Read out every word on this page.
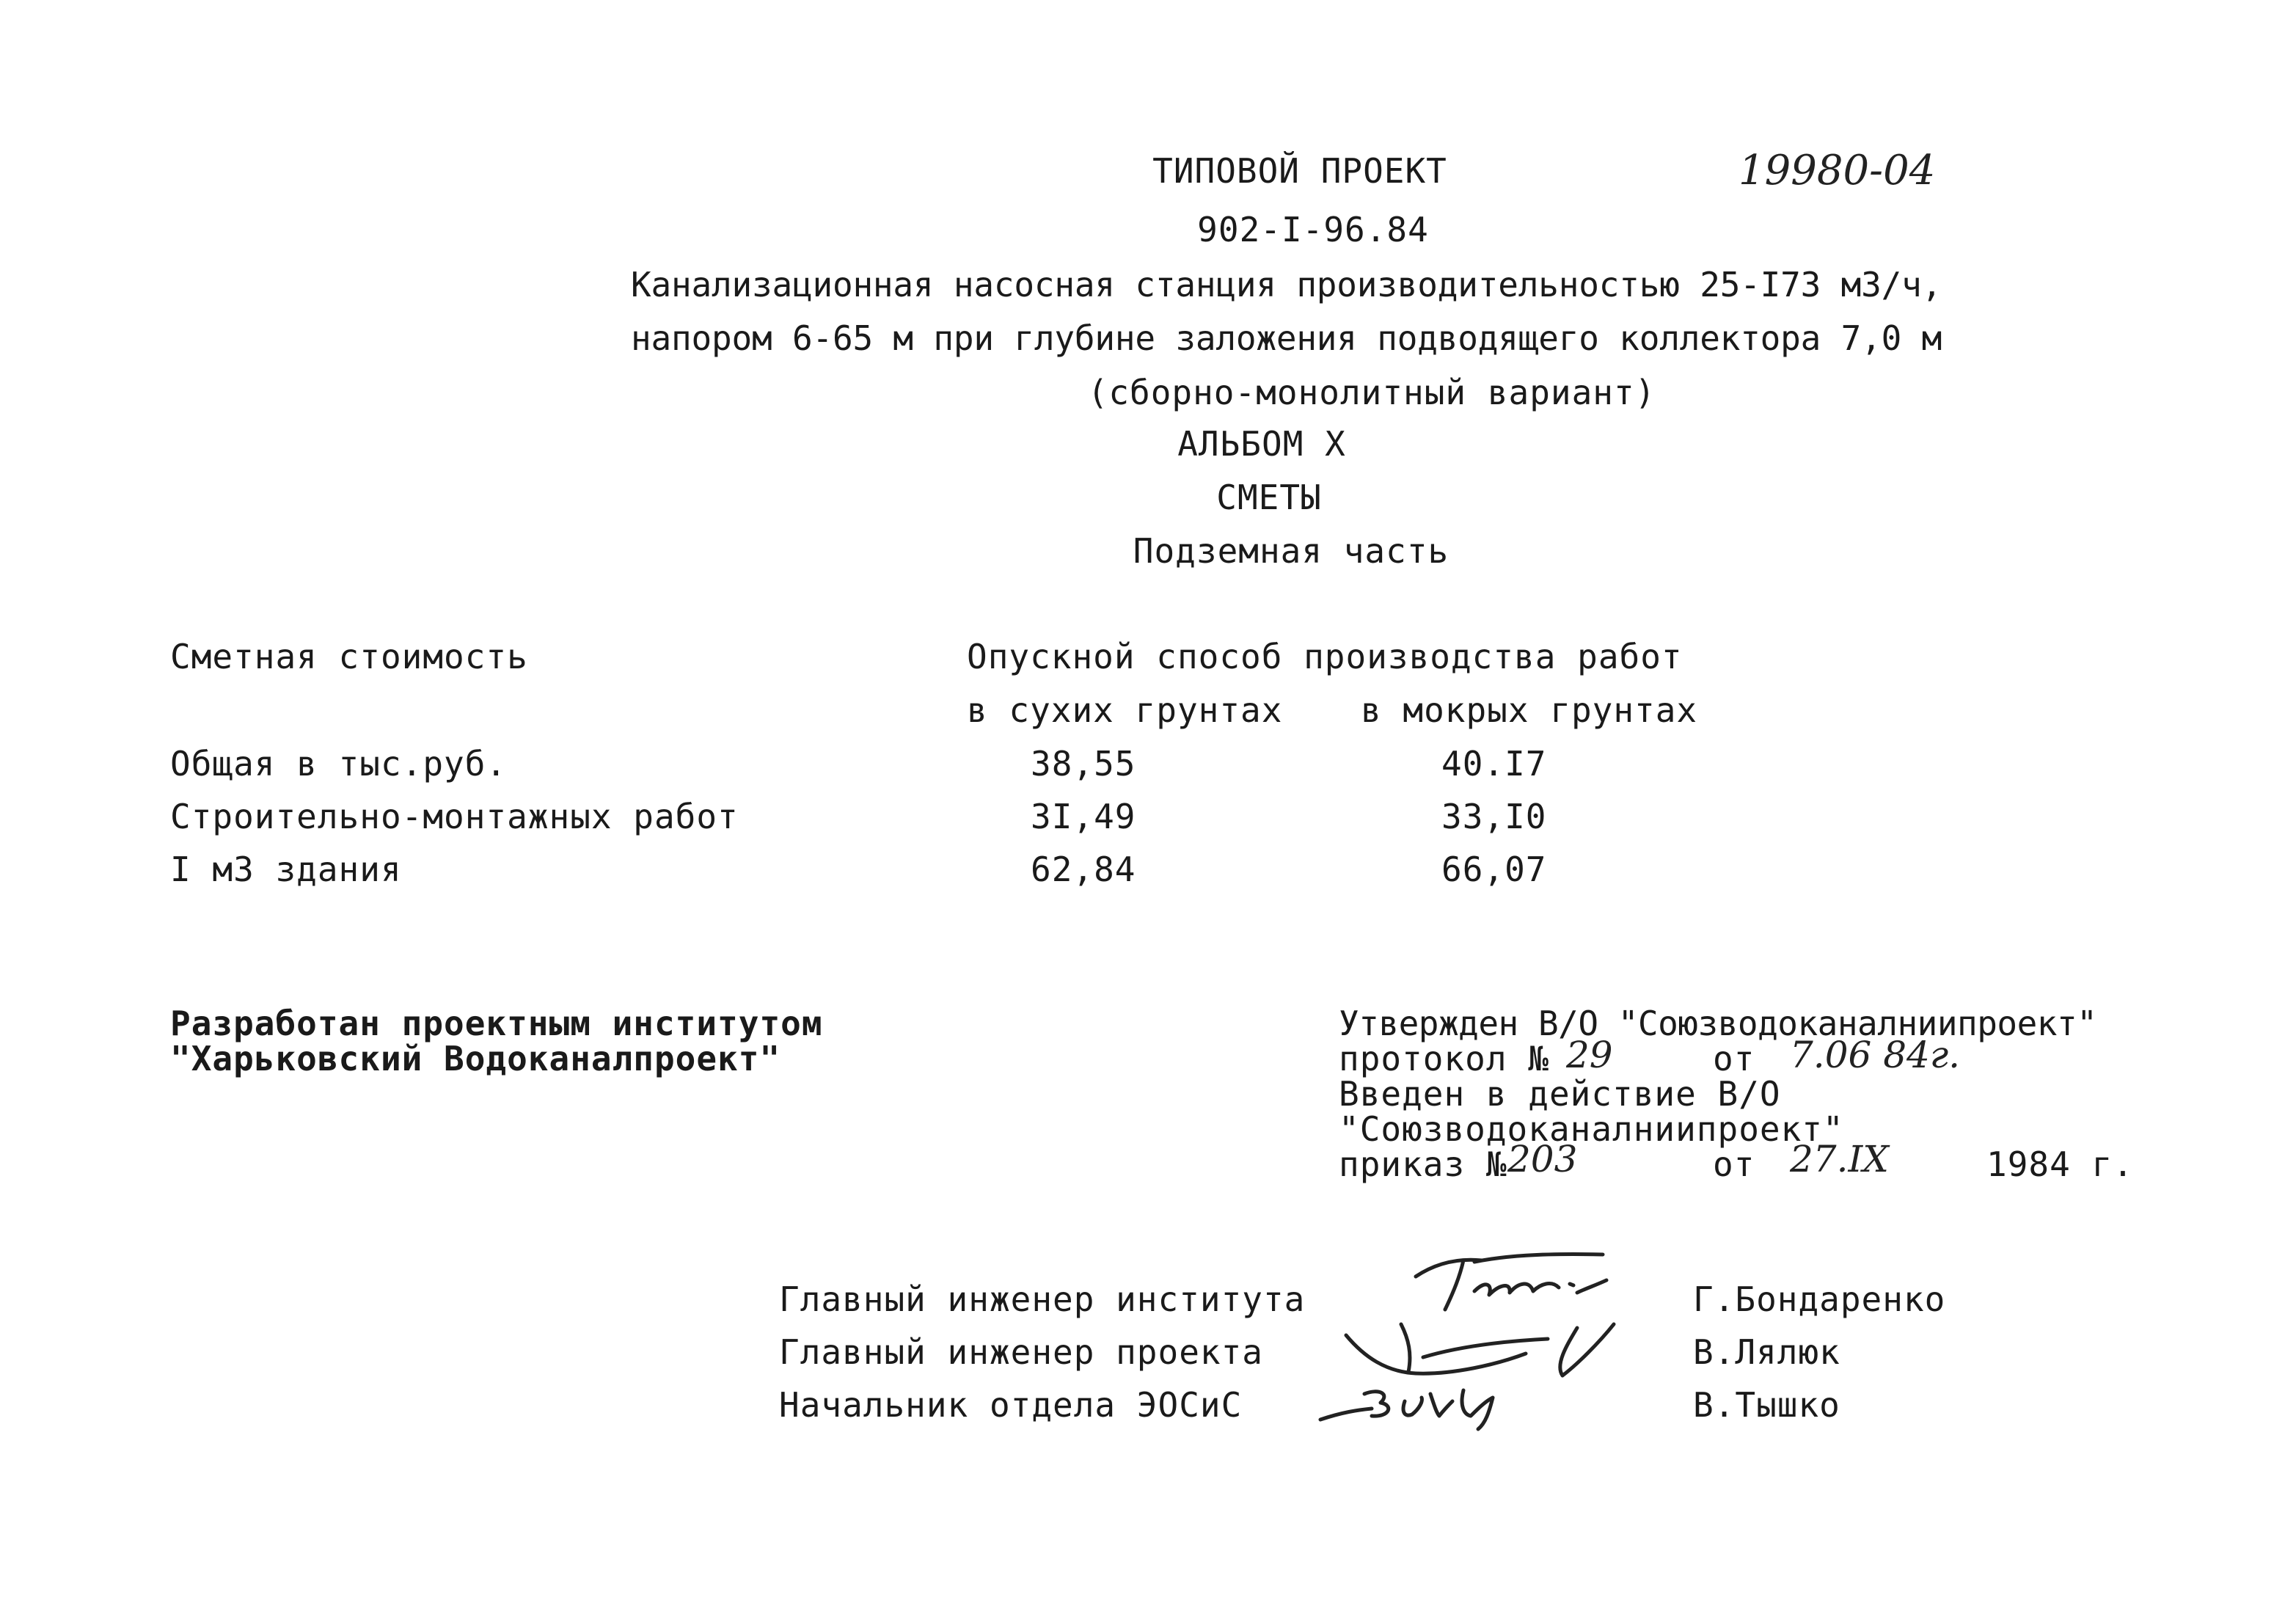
ТИПОВОЙ ПРОЕКТ	19980-04
902-I-96.84
Канализационная насосная станция производительностью 25-I73 м3/ч,
напором 6-65 м при глубине заложения подводящего коллектора 7,0 м
(сборно-монолитный вариант)
АЛЬБОМ X
СМЕТЫ
Подземная часть
Сметная стоимость	Опускной способ производства работ
в сухих грунтах в мокрых грунтах
Общая в тыс.руб.	38,55	40.I7
Строительно-монтажных работ	3I,49	33,I0
I м3 здания	62,84	66,07
Разработан проектным институтом
"Харьковский Водоканалпроект"
Утвержден В/О "Союзводоканалниипроект"
протокол № 29	от 7.06 84г.
Введен в действие В/О
"Союзводоканалниипроект"
приказ № 203	от 27.IX	1984 г.
Главный инженер института	Г.Бондаренко
Главный инженер проекта	В.Лялюк
Начальник отдела ЭОСиС	В.Тышко
